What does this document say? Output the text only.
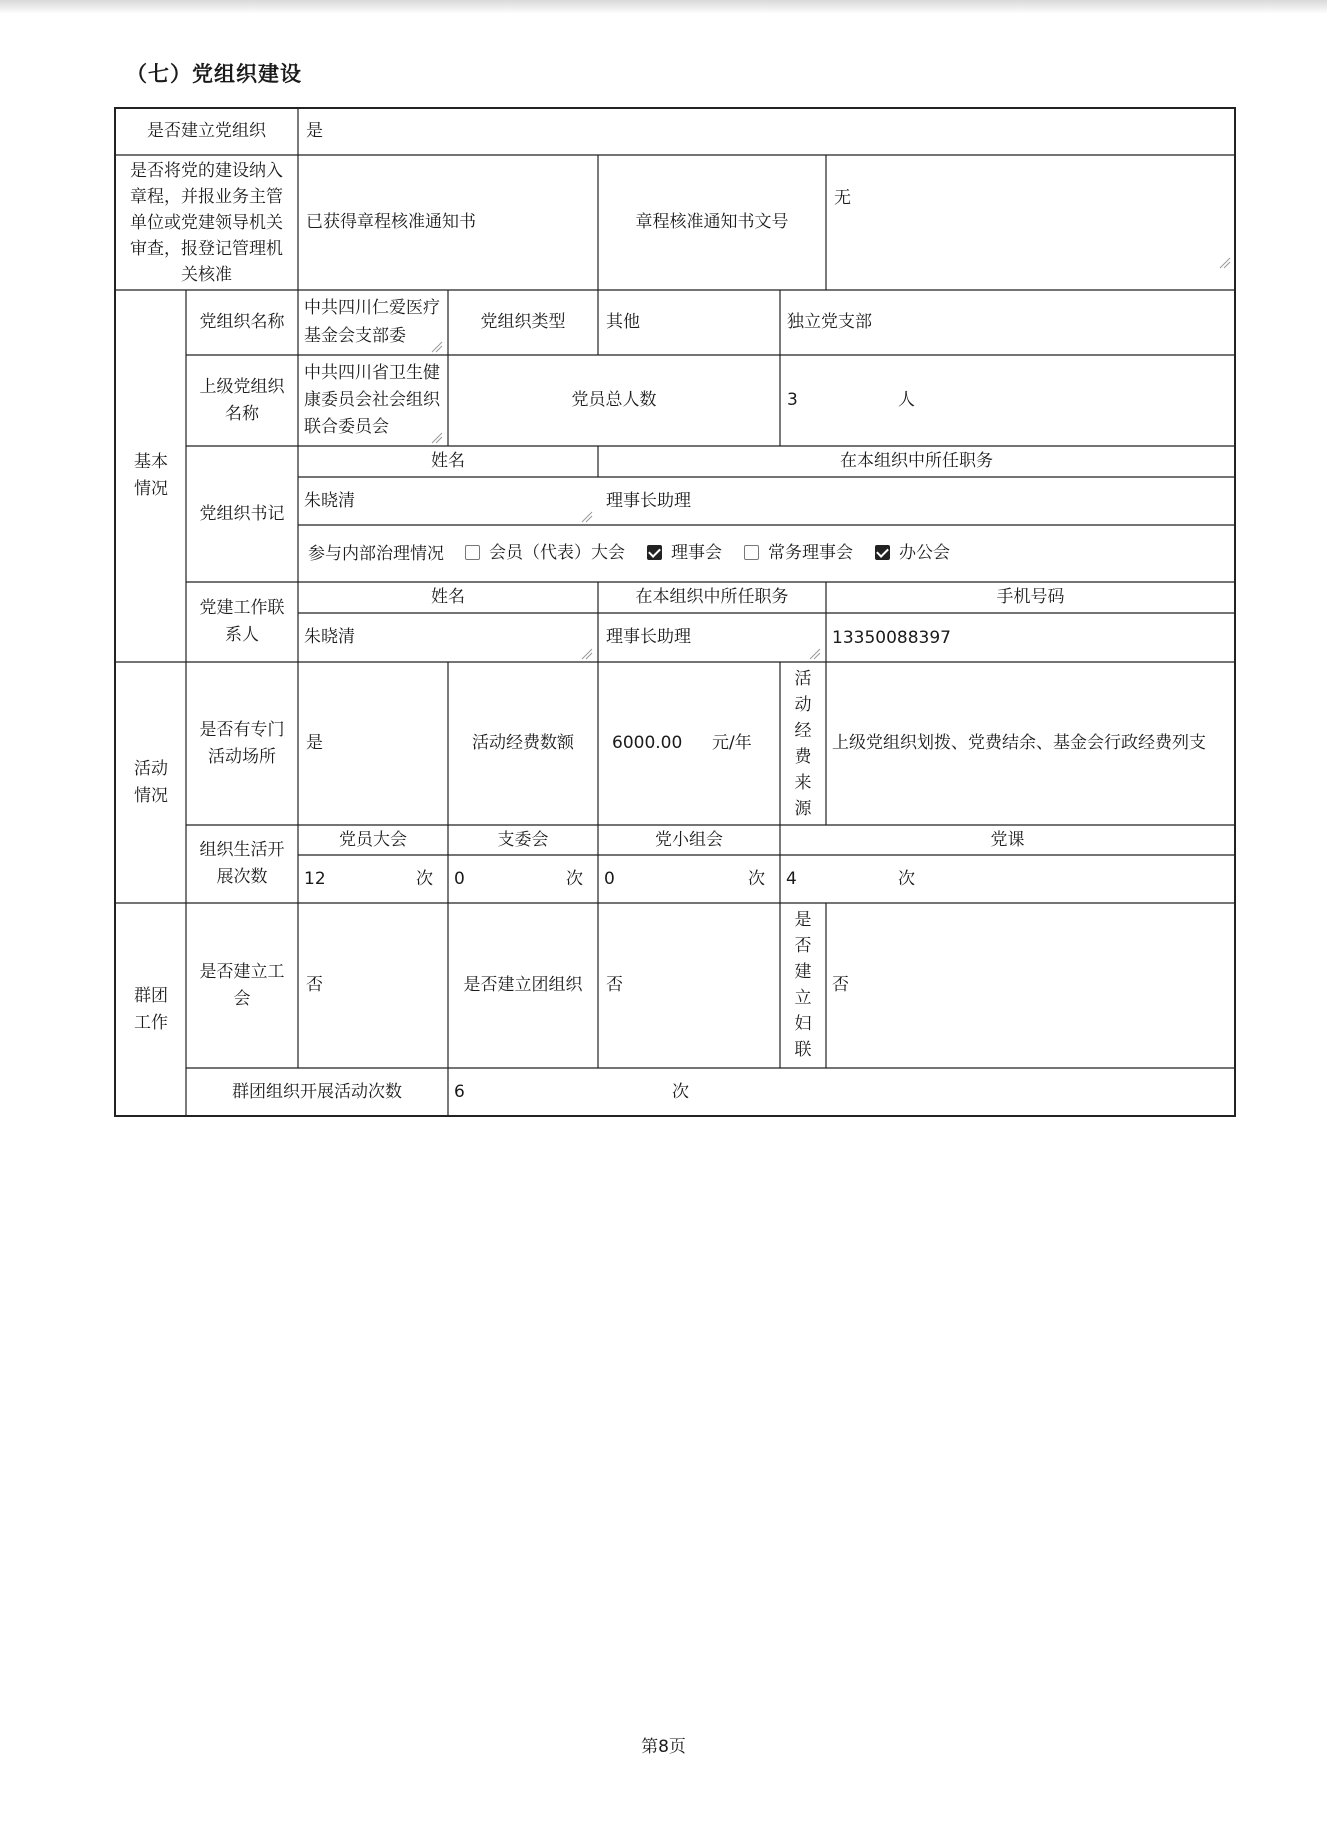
（七）党组织建设
是否建立党组织	是
是否将党的建设纳入章程，并报业务主管单位或党建领导机关审查，报登记管理机关核准
已获得章程核准通知书	章程核准通知书文号
无
基本情况
党组织名称
中共四川仁爱医疗基金会支部委
党组织类型	其他	独立党支部
上级党组织名称
中共四川省卫生健康委员会社会组织联合委员会
党员总人数	3	人
姓名	在本组织中所任职务
党组织书记
朱晓清	理事长助理
参与内部治理情况	会员（代表）大会	理事会	常务理事会	办公会
姓名	在本组织中所任职务	手机号码
党建工作联系人	朱晓清	理事长助理	13350088397
活动情况
是否有专门活动场所
是	活动经费数额	6000.00 元/年
活动经费来源
上级党组织划拨、党费结余、基金会行政经费列支
组织生活开展次数
党员大会	支委会	党小组会	党课
12	次 0	次 0	次 4	次
群团工作
是否建立工会
否	是否建立团组织	否
是否建立妇联
否
群团组织开展活动次数	6	次
第8页
